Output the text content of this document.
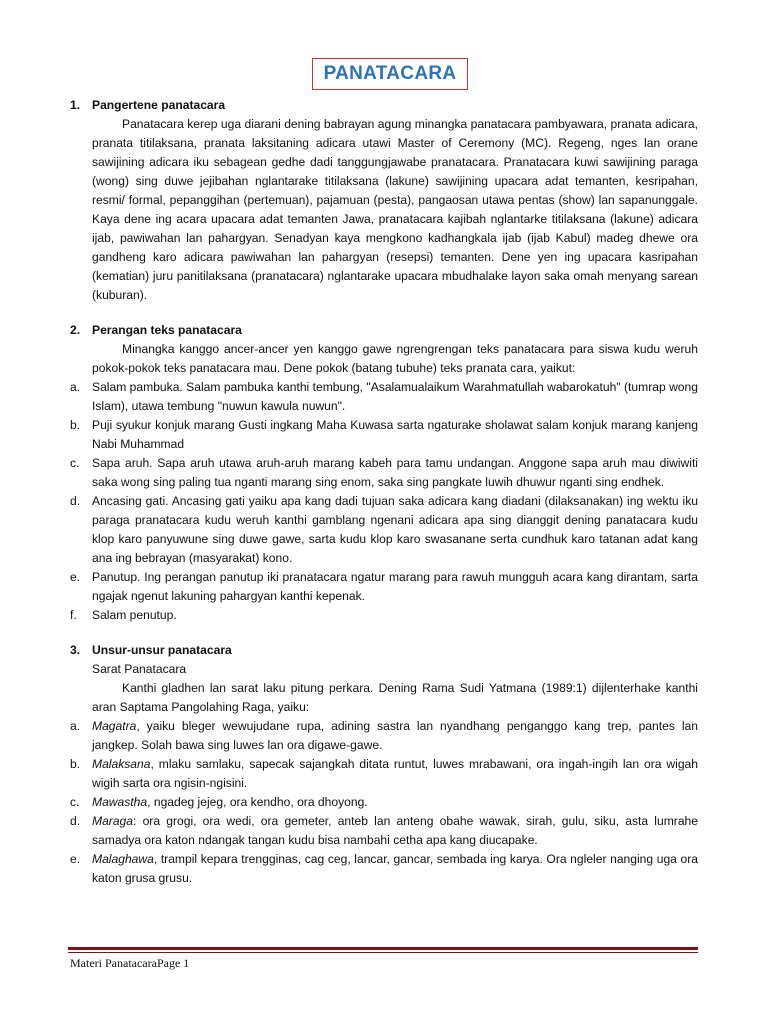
PANATACARA
1. Pangertene panatacara

Panatacara kerep uga diarani dening babrayan agung minangka panatacara pambyawara, pranata adicara, pranata titilaksana, pranata laksitaning adicara utawi Master of Ceremony (MC). Regeng, nges lan orane sawijining adicara iku sebagean gedhe dadi tanggungjawabe pranatacara. Pranatacara kuwi sawijining paraga (wong) sing duwe jejibahan nglantarake titilaksana (lakune) sawijining upacara adat temanten, kesripahan, resmi/ formal, pepanggihan (pertemuan), pajamuan (pesta), pangaosan utawa pentas (show) lan sapanunggale. Kaya dene ing acara upacara adat temanten Jawa, pranatacara kajibah nglantarke titilaksana (lakune) adicara ijab, pawiwahan lan pahargyan. Senadyan kaya mengkono kadhangkala ijab (ijab Kabul) madeg dhewe ora gandheng karo adicara pawiwahan lan pahargyan (resepsi) temanten. Dene yen ing upacara kasripahan (kematian) juru panitilaksana (pranatacara) nglantarake upacara mbudhalake layon saka omah menyang sarean (kuburan).

2. Perangan teks panatacara

Minangka kanggo ancer-ancer yen kanggo gawe ngrengrengan teks panatacara para siswa kudu weruh pokok-pokok teks panatacara mau. Dene pokok (batang tubuhe) teks pranata cara, yaikut:

a. Salam pambuka. Salam pambuka kanthi tembung, "Asalamualaikum Warahmatullah wabarokatuh" (tumrap wong Islam), utawa tembung "nuwun kawula nuwun".
b. Puji syukur konjuk marang Gusti ingkang Maha Kuwasa sarta ngaturake sholawat salam konjuk marang kanjeng Nabi Muhammad
c.	Sapa aruh. Sapa aruh utawa aruh-aruh marang kabeh para tamu undangan. Anggone sapa aruh mau diwiwiti saka wong sing paling tua nganti marang sing enom, saka sing pangkate luwih dhuwur nganti sing endhek.
d. Ancasing gati. Ancasing gati yaiku apa kang dadi tujuan saka adicara kang diadani (dilaksanakan) ing wektu iku paraga pranatacara kudu weruh kanthi gamblang ngenani adicara apa sing dianggit dening panatacara kudu klop karo panyuwune sing duwe gawe, sarta kudu klop karo swasanane serta cundhuk karo tatanan adat kang ana ing bebrayan (masyarakat) kono.
e. Panutup. Ing perangan panutup iki pranatacara ngatur marang para rawuh mungguh acara kang dirantam, sarta ngajak ngenut lakuning pahargyan kanthi kepenak.
f.	Salam penutup.
3. Unsur-unsur panatacara

Sarat Panatacara

Kanthi gladhen lan sarat laku pitung perkara. Dening Rama Sudi Yatmana (1989:1) dijlenterhake kanthi aran Saptama Pangolahing Raga, yaiku:

a. Magatra, yaiku bleger wewujudane rupa, adining sastra lan nyandhang penganggo kang trep, pantes lan jangkep. Solah bawa sing luwes lan ora digawe-gawe.
b. Malaksana, mlaku samlaku, sapecak sajangkah ditata runtut, luwes mrabawani, ora ingah-ingih lan ora wigah wigih sarta ora ngisin-ngisini.
c.	Mawastha, ngadeg jejeg, ora kendho, ora dhoyong.
d. Maraga: ora grogi, ora wedi, ora gemeter, anteb lan anteng obahe wawak, sirah, gulu, siku, asta lumrahe samadya ora katon ndangak tangan kudu bisa nambahi cetha apa kang diucapake.
e. Malaghawa, trampil kepara trengginas, cag ceg, lancar, gancar, sembada ing karya. Ora ngleler nanging uga ora katon grusa grusu.
Materi PanatacaraPage 1
